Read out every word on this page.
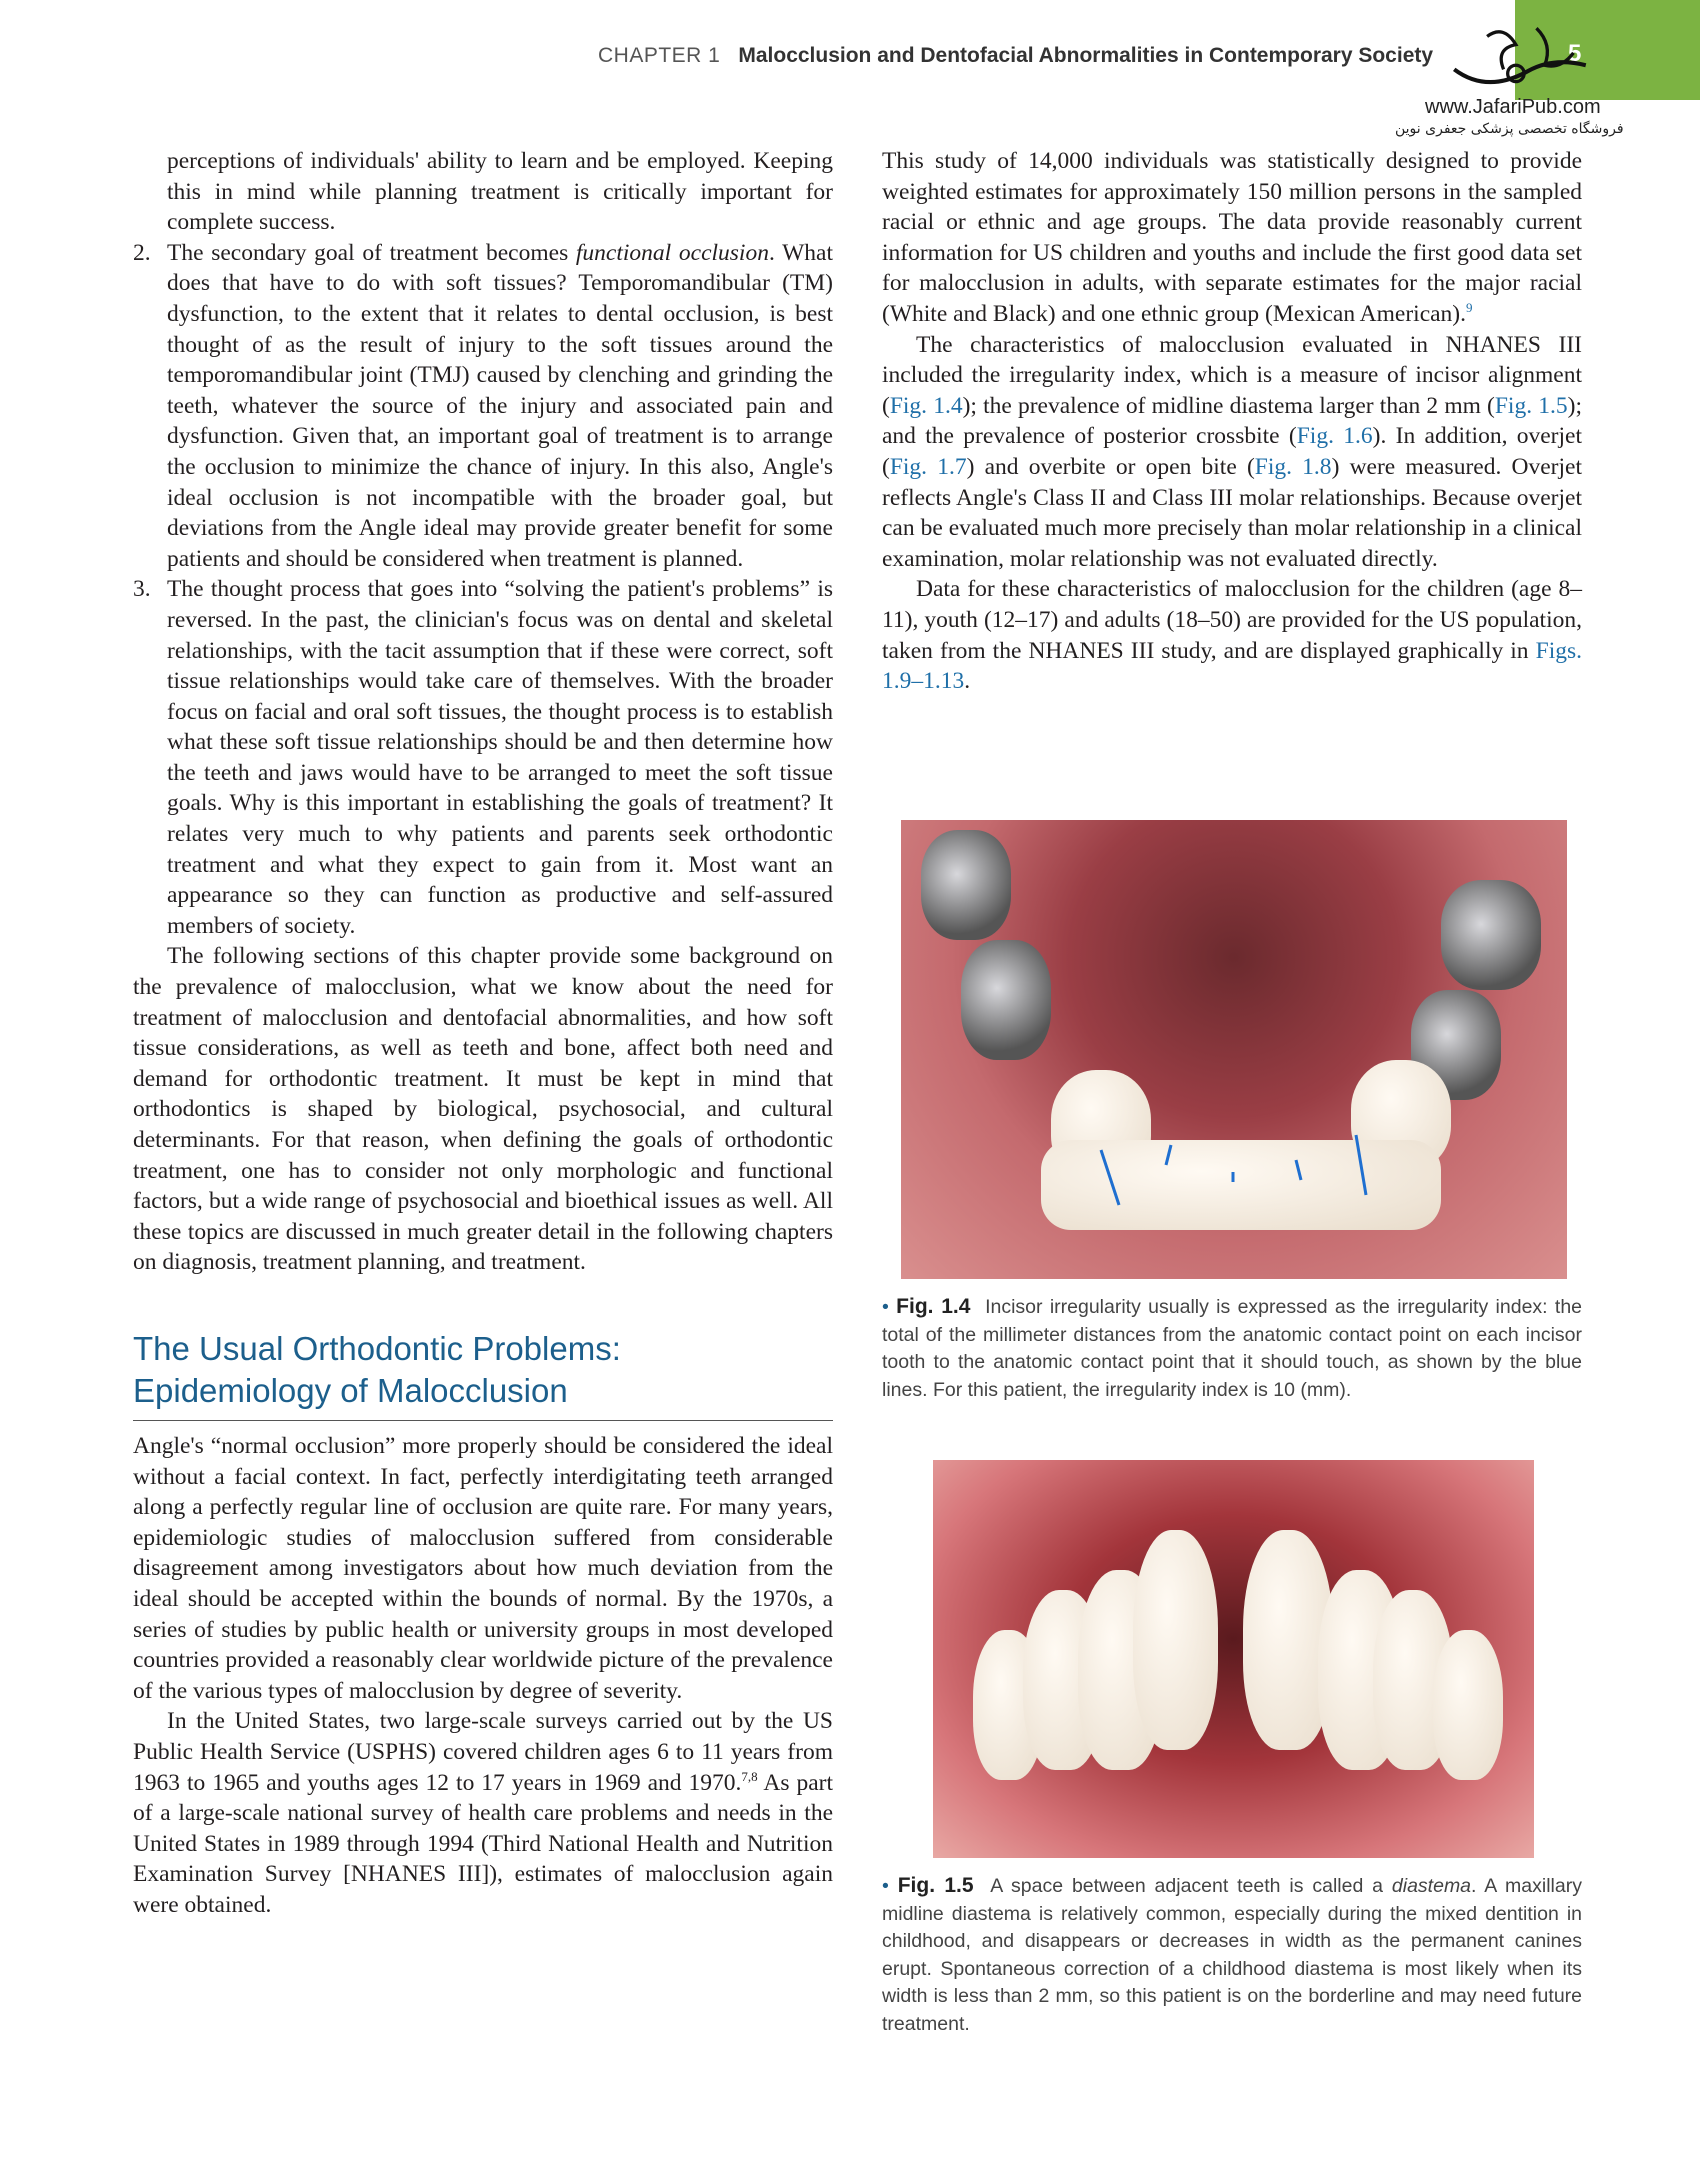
CHAPTER 1 Malocclusion and Dentofacial Abnormalities in Contemporary Society	5
www.JafariPub.com
فروشگاه تخصصی پزشکی جعفری نوین

perceptions of individuals' ability to learn and be employed. Keeping this in mind while planning treatment is critically important for complete success.

2. The secondary goal of treatment becomes functional occlusion. What does that have to do with soft tissues? Temporomandibular (TM) dysfunction, to the extent that it relates to dental occlusion, is best thought of as the result of injury to the soft tissues around the temporomandibular joint (TMJ) caused by clenching and grinding the teeth, whatever the source of the injury and associated pain and dysfunction. Given that, an important goal of treatment is to arrange the occlusion to minimize the chance of injury. In this also, Angle's ideal occlusion is not incompatible with the broader goal, but deviations from the Angle ideal may provide greater benefit for some patients and should be considered when treatment is planned.

3. The thought process that goes into “solving the patient's problems” is reversed. In the past, the clinician's focus was on dental and skeletal relationships, with the tacit assumption that if these were correct, soft tissue relationships would take care of themselves. With the broader focus on facial and oral soft tissues, the thought process is to establish what these soft tissue relationships should be and then determine how the teeth and jaws would have to be arranged to meet the soft tissue goals. Why is this important in establishing the goals of treatment? It relates very much to why patients and parents seek orthodontic treatment and what they expect to gain from it. Most want an appearance so they can function as productive and self-assured members of society.

The following sections of this chapter provide some background on the prevalence of malocclusion, what we know about the need for treatment of malocclusion and dentofacial abnormalities, and how soft tissue considerations, as well as teeth and bone, affect both need and demand for orthodontic treatment. It must be kept in mind that orthodontics is shaped by biological, psychosocial, and cultural determinants. For that reason, when defining the goals of orthodontic treatment, one has to consider not only morphologic and functional factors, but a wide range of psychosocial and bioethical issues as well. All these topics are discussed in much greater detail in the following chapters on diagnosis, treatment planning, and treatment.

The Usual Orthodontic Problems:
Epidemiology of Malocclusion

Angle's “normal occlusion” more properly should be considered the ideal without a facial context. In fact, perfectly interdigitating teeth arranged along a perfectly regular line of occlusion are quite rare. For many years, epidemiologic studies of malocclusion suffered from considerable disagreement among investigators about how much deviation from the ideal should be accepted within the bounds of normal. By the 1970s, a series of studies by public health or university groups in most developed countries provided a reasonably clear worldwide picture of the prevalence of the various types of malocclusion by degree of severity.

In the United States, two large-scale surveys carried out by the US Public Health Service (USPHS) covered children ages 6 to 11 years from 1963 to 1965 and youths ages 12 to 17 years in 1969 and 1970.$^{7,8}$ As part of a large-scale national survey of health care problems and needs in the United States in 1989 through 1994 (Third National Health and Nutrition Examination Survey [NHANES III]), estimates of malocclusion again were obtained.

This study of 14,000 individuals was statistically designed to provide weighted estimates for approximately 150 million persons in the sampled racial or ethnic and age groups. The data provide reasonably current information for US children and youths and include the first good data set for malocclusion in adults, with separate estimates for the major racial (White and Black) and one ethnic group (Mexican American).$^9$

The characteristics of malocclusion evaluated in NHANES III included the irregularity index, which is a measure of incisor alignment (Fig. 1.4); the prevalence of midline diastema larger than 2 mm (Fig. 1.5); and the prevalence of posterior crossbite (Fig. 1.6). In addition, overjet (Fig. 1.7) and overbite or open bite (Fig. 1.8) were measured. Overjet reflects Angle's Class II and Class III molar relationships. Because overjet can be evaluated much more precisely than molar relationship in a clinical examination, molar relationship was not evaluated directly.

Data for these characteristics of malocclusion for the children (age 8–11), youth (12–17) and adults (18–50) are provided for the US population, taken from the NHANES III study, and are displayed graphically in Figs. 1.9–1.13.

• Fig. 1.4 Incisor irregularity usually is expressed as the irregularity index: the total of the millimeter distances from the anatomic contact point on each incisor tooth to the anatomic contact point that it should touch, as shown by the blue lines. For this patient, the irregularity index is 10 (mm).
• Fig. 1.5 A space between adjacent teeth is called a diastema. A maxillary midline diastema is relatively common, especially during the mixed dentition in childhood, and disappears or decreases in width as the permanent canines erupt. Spontaneous correction of a childhood diastema is most likely when its width is less than 2 mm, so this patient is on the borderline and may need future treatment.
